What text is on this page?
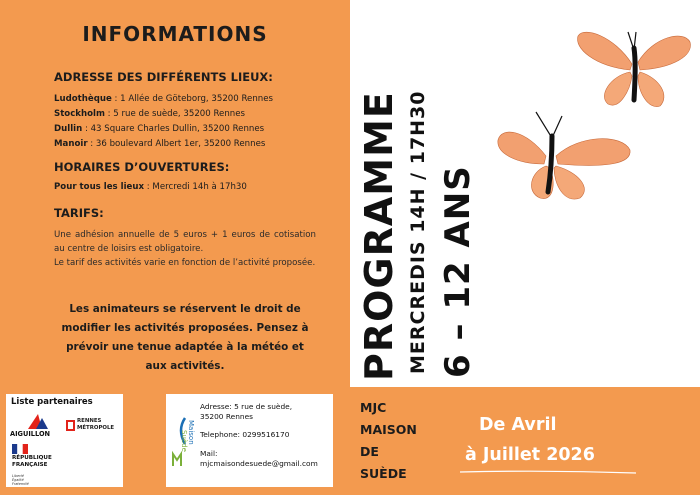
INFORMATIONS
ADRESSE DES DIFFÉRENTS LIEUX:
Ludothèque : 1 Allée de Göteborg, 35200 Rennes
Stockholm : 5 rue de suède, 35200 Rennes
Dullin : 43 Square Charles Dullin, 35200 Rennes
Manoir : 36 boulevard Albert 1er, 35200 Rennes
HORAIRES D’OUVERTURES:
Pour tous les lieux : Mercredi 14h à 17h30
TARIFS:
Une adhésion annuelle de 5 euros + 1 euros de cotisation au centre de loisirs est obligatoire.
Le tarif des activités varie en fonction de l’activité proposée.
Les animateurs se réservent le droit de modifier les activités proposées. Pensez à prévoir une tenue adaptée à la météo et aux activités.
Liste partenaires
AIGUILLON
RENNES
MÉTROPOLE
RÉPUBLIQUE
FRANÇAISE
Liberté
Égalité
Fraternité
Maison
Suède
Adresse: 5 rue de suède,
35200 Rennes
Telephone: 0299516170
Mail:
mjcmaisondesuede@gmail.com
PROGRAMME MERCREDIS 14H / 17H30 6 – 12 ANS
MJC
MAISON
DE
SUÈDE
De Avril
à Juillet 2026
